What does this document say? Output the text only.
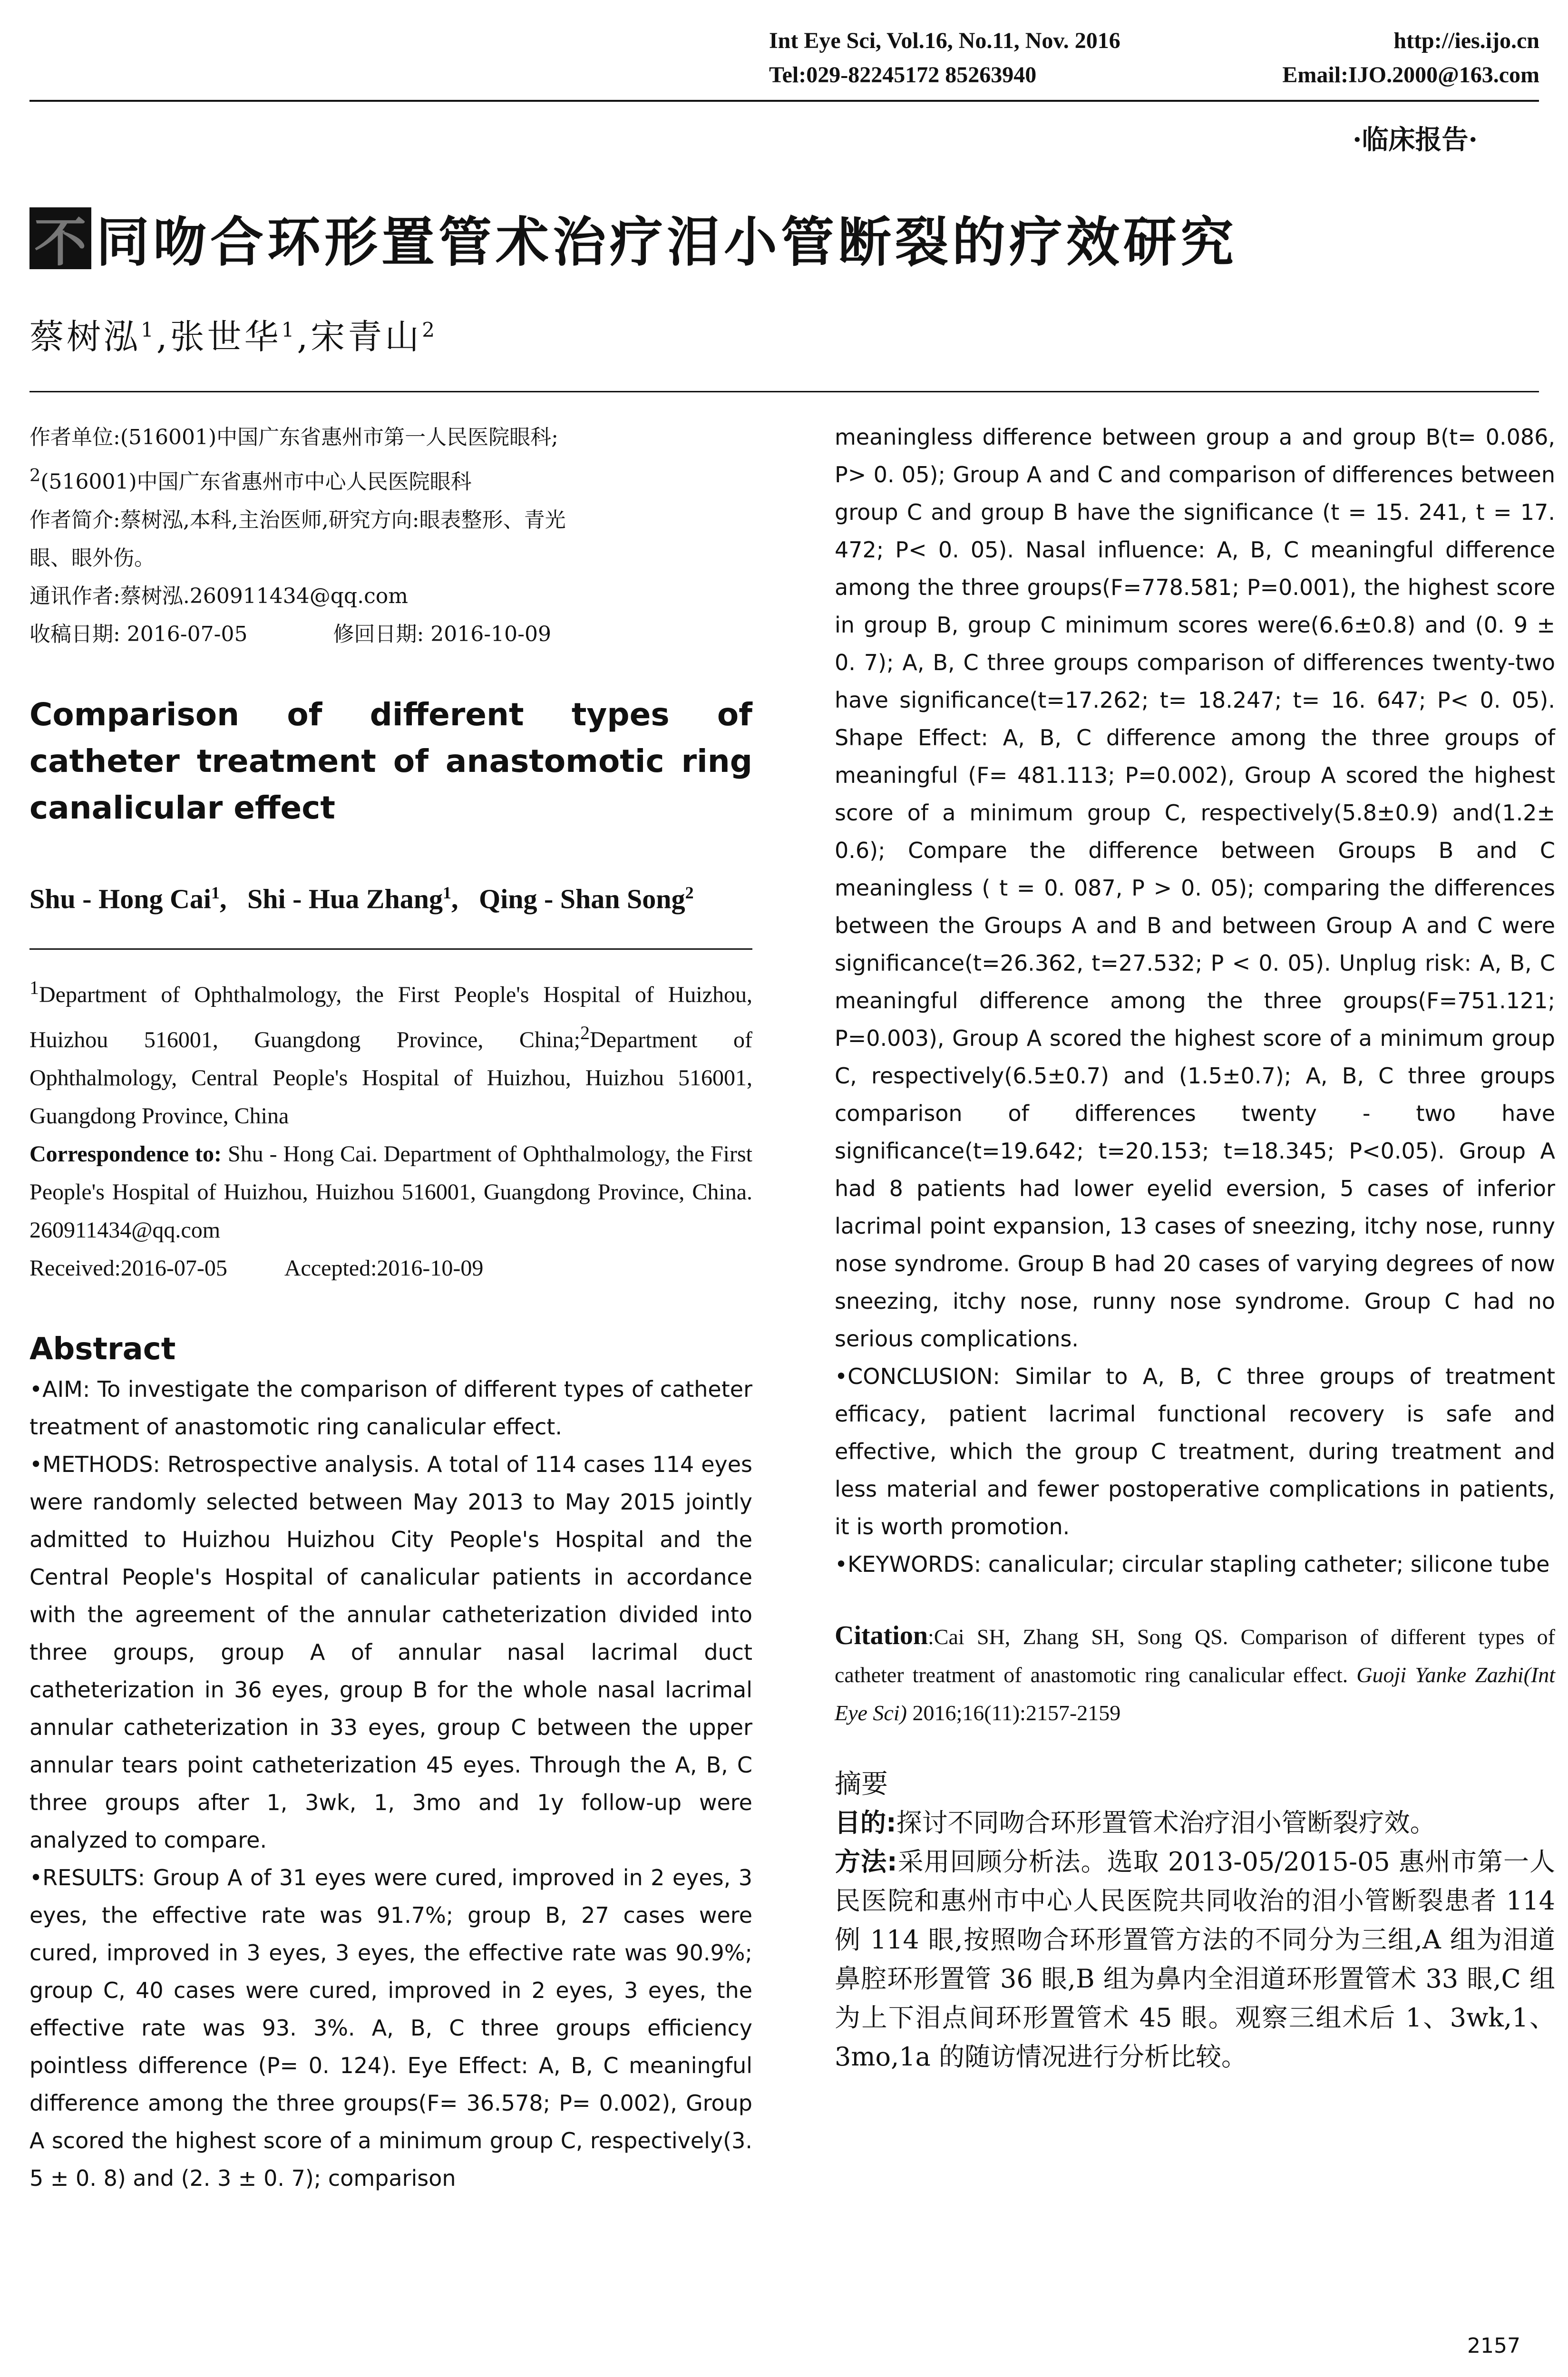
Int Eye Sci, Vol.16, No.11, Nov. 2016	http://ies.ijo.cn
Tel:029-82245172 85263940	Email:IJO.2000@163.com
·临床报告·
不 同吻合环形置管术治疗泪小管断裂的疗效研究
蔡树泓$^1$,张世华$^1$,宋青山$^2$

作者单位:(516001)中国广东省惠州市第一人民医院眼科;

$^2$(516001)中国广东省惠州市中心人民医院眼科

作者简介:蔡树泓,本科,主治医师,研究方向:眼表整形、青光

眼、眼外伤。

通讯作者:蔡树泓.260911434@qq.com

收稿日期: 2016-07-05	修回日期: 2016-10-09

Comparison of different types of catheter treatment of anastomotic ring canalicular effect
Shu - Hong Cai$^1$,   Shi - Hua Zhang$^1$,   Qing - Shan Song$^2$
$^1$Department of Ophthalmology, the First People's Hospital of Huizhou, Huizhou 516001, Guangdong Province, China;$^2$Department of Ophthalmology, Central People's Hospital of Huizhou, Huizhou 516001, Guangdong Province, China
Correspondence to: Shu - Hong Cai. Department of Ophthalmology, the First People's Hospital of Huizhou, Huizhou 516001, Guangdong Province, China. 260911434@qq.com
Received:2016-07-05	Accepted:2016-10-09
Abstract

•AIM: To investigate the comparison of different types of catheter treatment of anastomotic ring canalicular effect.

•METHODS: Retrospective analysis. A total of 114 cases 114 eyes were randomly selected between May 2013 to May 2015 jointly admitted to Huizhou Huizhou City People's Hospital and the Central People's Hospital of canalicular patients in accordance with the agreement of the annular catheterization divided into three groups, group A of annular nasal lacrimal duct catheterization in 36 eyes, group B for the whole nasal lacrimal annular catheterization in 33 eyes, group C between the upper annular tears point catheterization 45 eyes. Through the A, B, C three groups after 1, 3wk, 1, 3mo and 1y follow-up were analyzed to compare.

•RESULTS: Group A of 31 eyes were cured, improved in 2 eyes, 3 eyes, the effective rate was 91.7%; group B, 27 cases were cured, improved in 3 eyes, 3 eyes, the effective rate was 90.9%; group C, 40 cases were cured, improved in 2 eyes, 3 eyes, the effective rate was 93. 3%. A, B, C three groups efficiency pointless difference (P= 0. 124). Eye Effect: A, B, C meaningful difference among the three groups(F= 36.578; P= 0.002), Group A scored the highest score of a minimum group C, respectively(3. 5 ± 0. 8) and (2. 3 ± 0. 7); comparison

meaningless difference between group a and group B(t= 0.086, P> 0. 05); Group A and C and comparison of differences between group C and group B have the significance (t = 15. 241, t = 17. 472; P< 0. 05). Nasal influence: A, B, C meaningful difference among the three groups(F=778.581; P=0.001), the highest score in group B, group C minimum scores were(6.6±0.8) and (0. 9 ± 0. 7); A, B, C three groups comparison of differences twenty-two have significance(t=17.262; t= 18.247; t= 16. 647; P< 0. 05). Shape Effect: A, B, C difference among the three groups of meaningful (F= 481.113; P=0.002), Group A scored the highest score of a minimum group C, respectively(5.8±0.9) and(1.2± 0.6); Compare the difference between Groups B and C meaningless ( t = 0. 087, P > 0. 05); comparing the differences between the Groups A and B and between Group A and C were significance(t=26.362, t=27.532; P < 0. 05). Unplug risk: A, B, C meaningful difference among the three groups(F=751.121; P=0.003), Group A scored the highest score of a minimum group C, respectively(6.5±0.7) and (1.5±0.7); A, B, C three groups comparison of differences twenty - two have significance(t=19.642; t=20.153; t=18.345; P<0.05). Group A had 8 patients had lower eyelid eversion, 5 cases of inferior lacrimal point expansion, 13 cases of sneezing, itchy nose, runny nose syndrome. Group B had 20 cases of varying degrees of now sneezing, itchy nose, runny nose syndrome. Group C had no serious complications.

•CONCLUSION: Similar to A, B, C three groups of treatment efficacy, patient lacrimal functional recovery is safe and effective, which the group C treatment, during treatment and less material and fewer postoperative complications in patients, it is worth promotion.

•KEYWORDS: canalicular; circular stapling catheter; silicone tube

Citation:Cai SH, Zhang SH, Song QS. Comparison of different types of catheter treatment of anastomotic ring canalicular effect. Guoji Yanke Zazhi(Int Eye Sci) 2016;16(11):2157-2159
摘要
目的:探讨不同吻合环形置管术治疗泪小管断裂疗效。
方法:采用回顾分析法。选取 2013-05/2015-05 惠州市第一人民医院和惠州市中心人民医院共同收治的泪小管断裂患者 114 例 114 眼,按照吻合环形置管方法的不同分为三组,A 组为泪道鼻腔环形置管 36 眼,B 组为鼻内全泪道环形置管术 33 眼,C 组为上下泪点间环形置管术 45 眼。观察三组术后 1、3wk,1、3mo,1a 的随访情况进行分析比较。
2157
